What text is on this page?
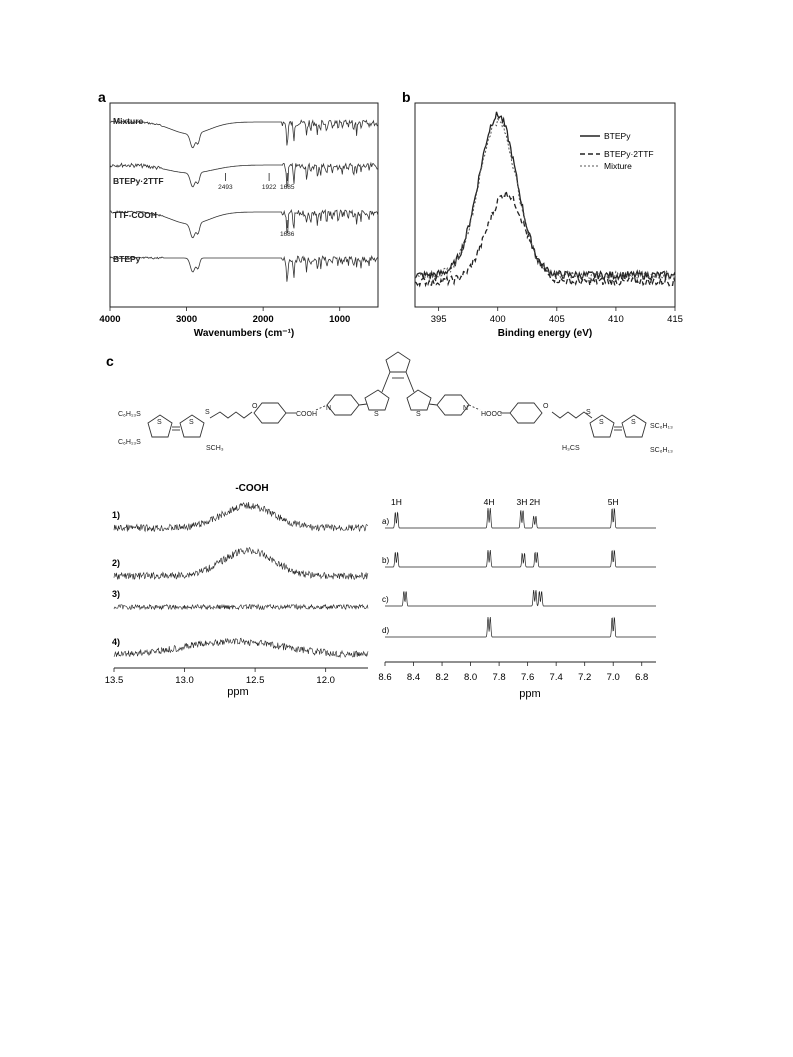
a
Mixture
BTEPy·2TTF
TTF-COOH
BTEPy
2493	1922 1685
1686
4000	3000	2000	1000
Wavenumbers (cm⁻¹)
b
395	400	405	410	415
Binding energy (eV)
BTEPy
BTEPy·2TTF
Mixture
c
C₆H₁₃S
C₆H₁₃S
SCH₃
S	S
S
O
COOH
N
S	S
N
HOOC
O
S
S	S
H₃CS
SC₆H₁₃
SC₆H₁₃
-COOH
1)
2)
3)
4)
13.5	13.0	12.5	12.0
ppm
a)
b)
c)
d)
1H	4H	3H 2H	5H
8.6 8.4 8.2 8.0 7.8 7.6 7.4 7.2 7.0 6.8
ppm
